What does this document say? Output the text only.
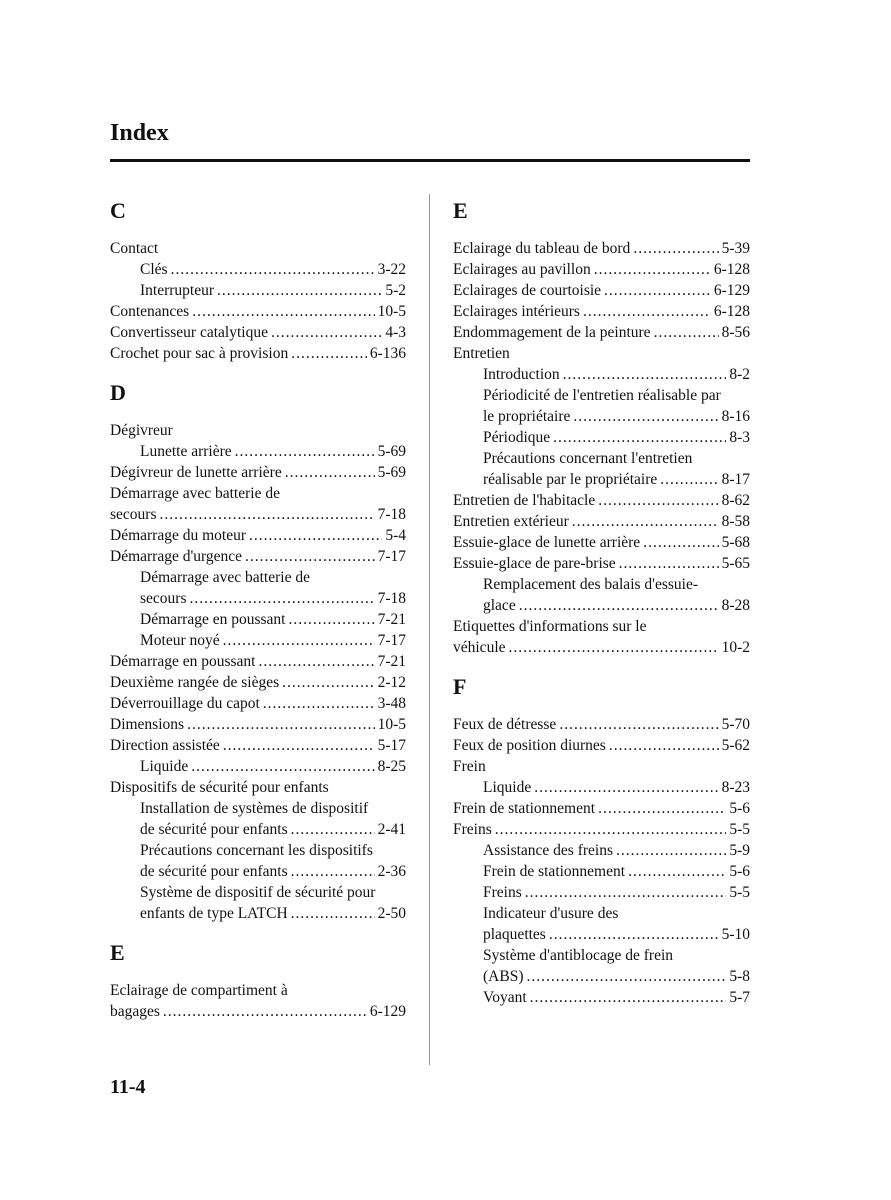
Index
C
Contact
Clés .....	3-22
Interrupteur .....	5-2
Contenances .....	10-5
Convertisseur catalytique .....	4-3
Crochet pour sac à provision .....	6-136
D
Dégivreur
Lunette arrière .....	5-69
Dégivreur de lunette arrière .....	5-69
Démarrage avec batterie de
secours .....	7-18
Démarrage du moteur .....	5-4
Démarrage d'urgence .....	7-17
Démarrage avec batterie de
secours .....	7-18
Démarrage en poussant .....	7-21
Moteur noyé .....	7-17
Démarrage en poussant .....	7-21
Deuxième rangée de sièges .....	2-12
Déverrouillage du capot .....	3-48
Dimensions .....	10-5
Direction assistée .....	5-17
Liquide .....	8-25
Dispositifs de sécurité pour enfants
Installation de systèmes de dispositif
de sécurité pour enfants .....	2-41
Précautions concernant les dispositifs
de sécurité pour enfants .....	2-36
Système de dispositif de sécurité pour
enfants de type LATCH .....	2-50
E
Eclairage de compartiment à
bagages .....	6-129
E
Eclairage du tableau de bord .....	5-39
Eclairages au pavillon .....	6-128
Eclairages de courtoisie .....	6-129
Eclairages intérieurs .....	6-128
Endommagement de la peinture .....	8-56
Entretien
Introduction .....	8-2
Périodicité de l'entretien réalisable par
le propriétaire .....	8-16
Périodique .....	8-3
Précautions concernant l'entretien
réalisable par le propriétaire .....	8-17
Entretien de l'habitacle .....	8-62
Entretien extérieur .....	8-58
Essuie-glace de lunette arrière .....	5-68
Essuie-glace de pare-brise .....	5-65
Remplacement des balais d'essuie-
glace .....	8-28
Etiquettes d'informations sur le
véhicule .....	10-2
F
Feux de détresse .....	5-70
Feux de position diurnes .....	5-62
Frein
Liquide .....	8-23
Frein de stationnement .....	5-6
Freins .....	5-5
Assistance des freins .....	5-9
Frein de stationnement .....	5-6
Freins .....	5-5
Indicateur d'usure des
plaquettes .....	5-10
Système d'antiblocage de frein
(ABS) .....	5-8
Voyant .....	5-7
11-4
